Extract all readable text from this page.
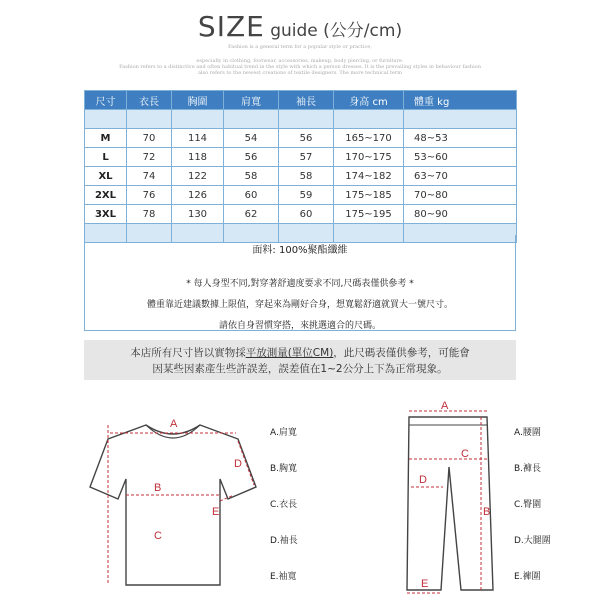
SIZE guide (公分/cm)
Fashion is a general term for a popular style or practice,
especially in clothing, footwear, accessories, makeup, body piercing, or furniture.
Fashion refers to a distinctive and often habitual trend in the style with which a person dresses. It is the prevailing styles in behaviour fashion
also refers to the newest creations of textile designers. The more technical term
尺寸	衣長	胸圍	肩寬	袖長	身高 cm	體重 kg

M	70	114	54	56	165~170	48~53
L	72	118	56	57	170~175	53~60
XL	74	122	58	58	174~182	63~70
2XL	76	126	60	59	175~185	70~80
3XL	78	130	62	60	175~195	80~90

面料: 100%聚酯纖維
* 每人身型不同,對穿著舒適度要求不同,尺碼表僅供參考 *
體重靠近建議數據上限值，穿起來為剛好合身，想寬鬆舒適就買大一號尺寸。
請依自身習慣穿搭，來挑選適合的尺碼。
本店所有尺寸皆以實物採平放測量(單位CM)，此尺碼表僅供參考，可能會
因某些因素產生些許誤差，誤差值在1~2公分上下為正常現象。
A
B
C
D
E
A.肩寬
B.胸寬
C.衣長
D.袖長
E.袖寬
A
B
C
D
E
A.腰圍
B.褲長
C.臀圍
D.大腿圍
E.褲圍
